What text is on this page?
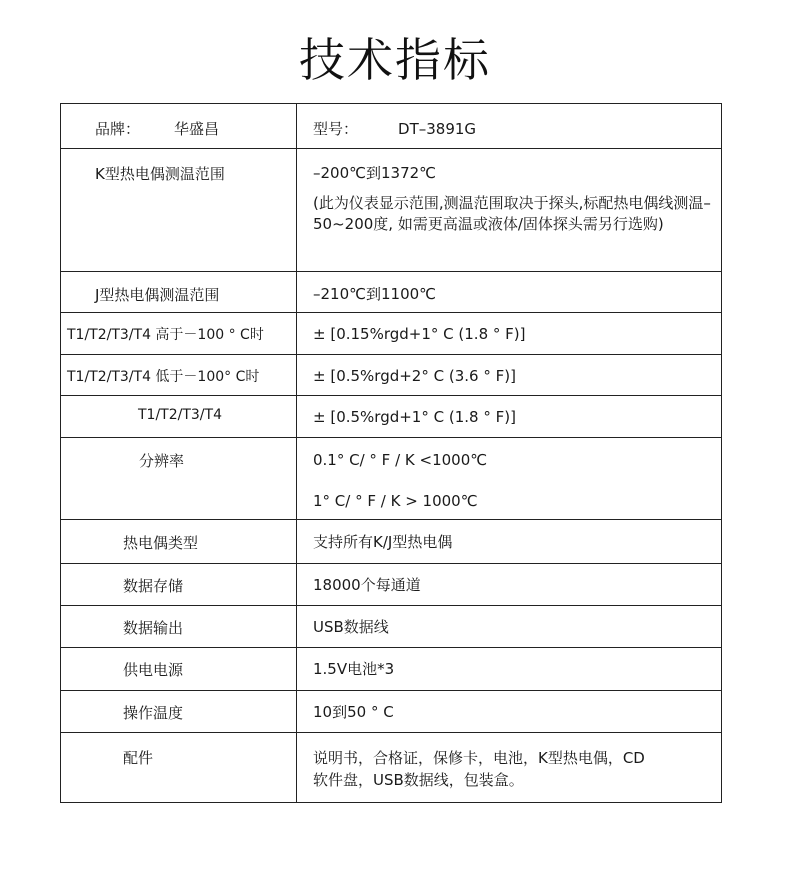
技术指标
品牌： 华盛昌	型号： DT–3891G

K型热电偶测温范围	–200℃到1372℃
(此为仪表显示范围,测温范围取决于探头,标配热电偶线测温–50~200度, 如需更高温或液体/固体探头需另行选购)

J型热电偶测温范围	–210℃到1100℃

T1/T2/T3/T4 高于－100 ° C时	± [0.15%rgd+1° C (1.8 ° F)]

T1/T2/T3/T4 低于－100° C时	± [0.5%rgd+2° C (3.6 ° F)]

T1/T2/T3/T4	± [0.5%rgd+1° C (1.8 ° F)]

分辨率	0.1° C/ ° F / K <1000℃
1° C/ ° F / K > 1000℃

热电偶类型	支持所有K/J型热电偶

数据存储	18000个每通道

数据输出	USB数据线

供电电源	1.5V电池*3

操作温度	10到50 ° C

配件	说明书，合格证，保修卡，电池，K型热电偶，CD
软件盘，USB数据线，包装盒。
